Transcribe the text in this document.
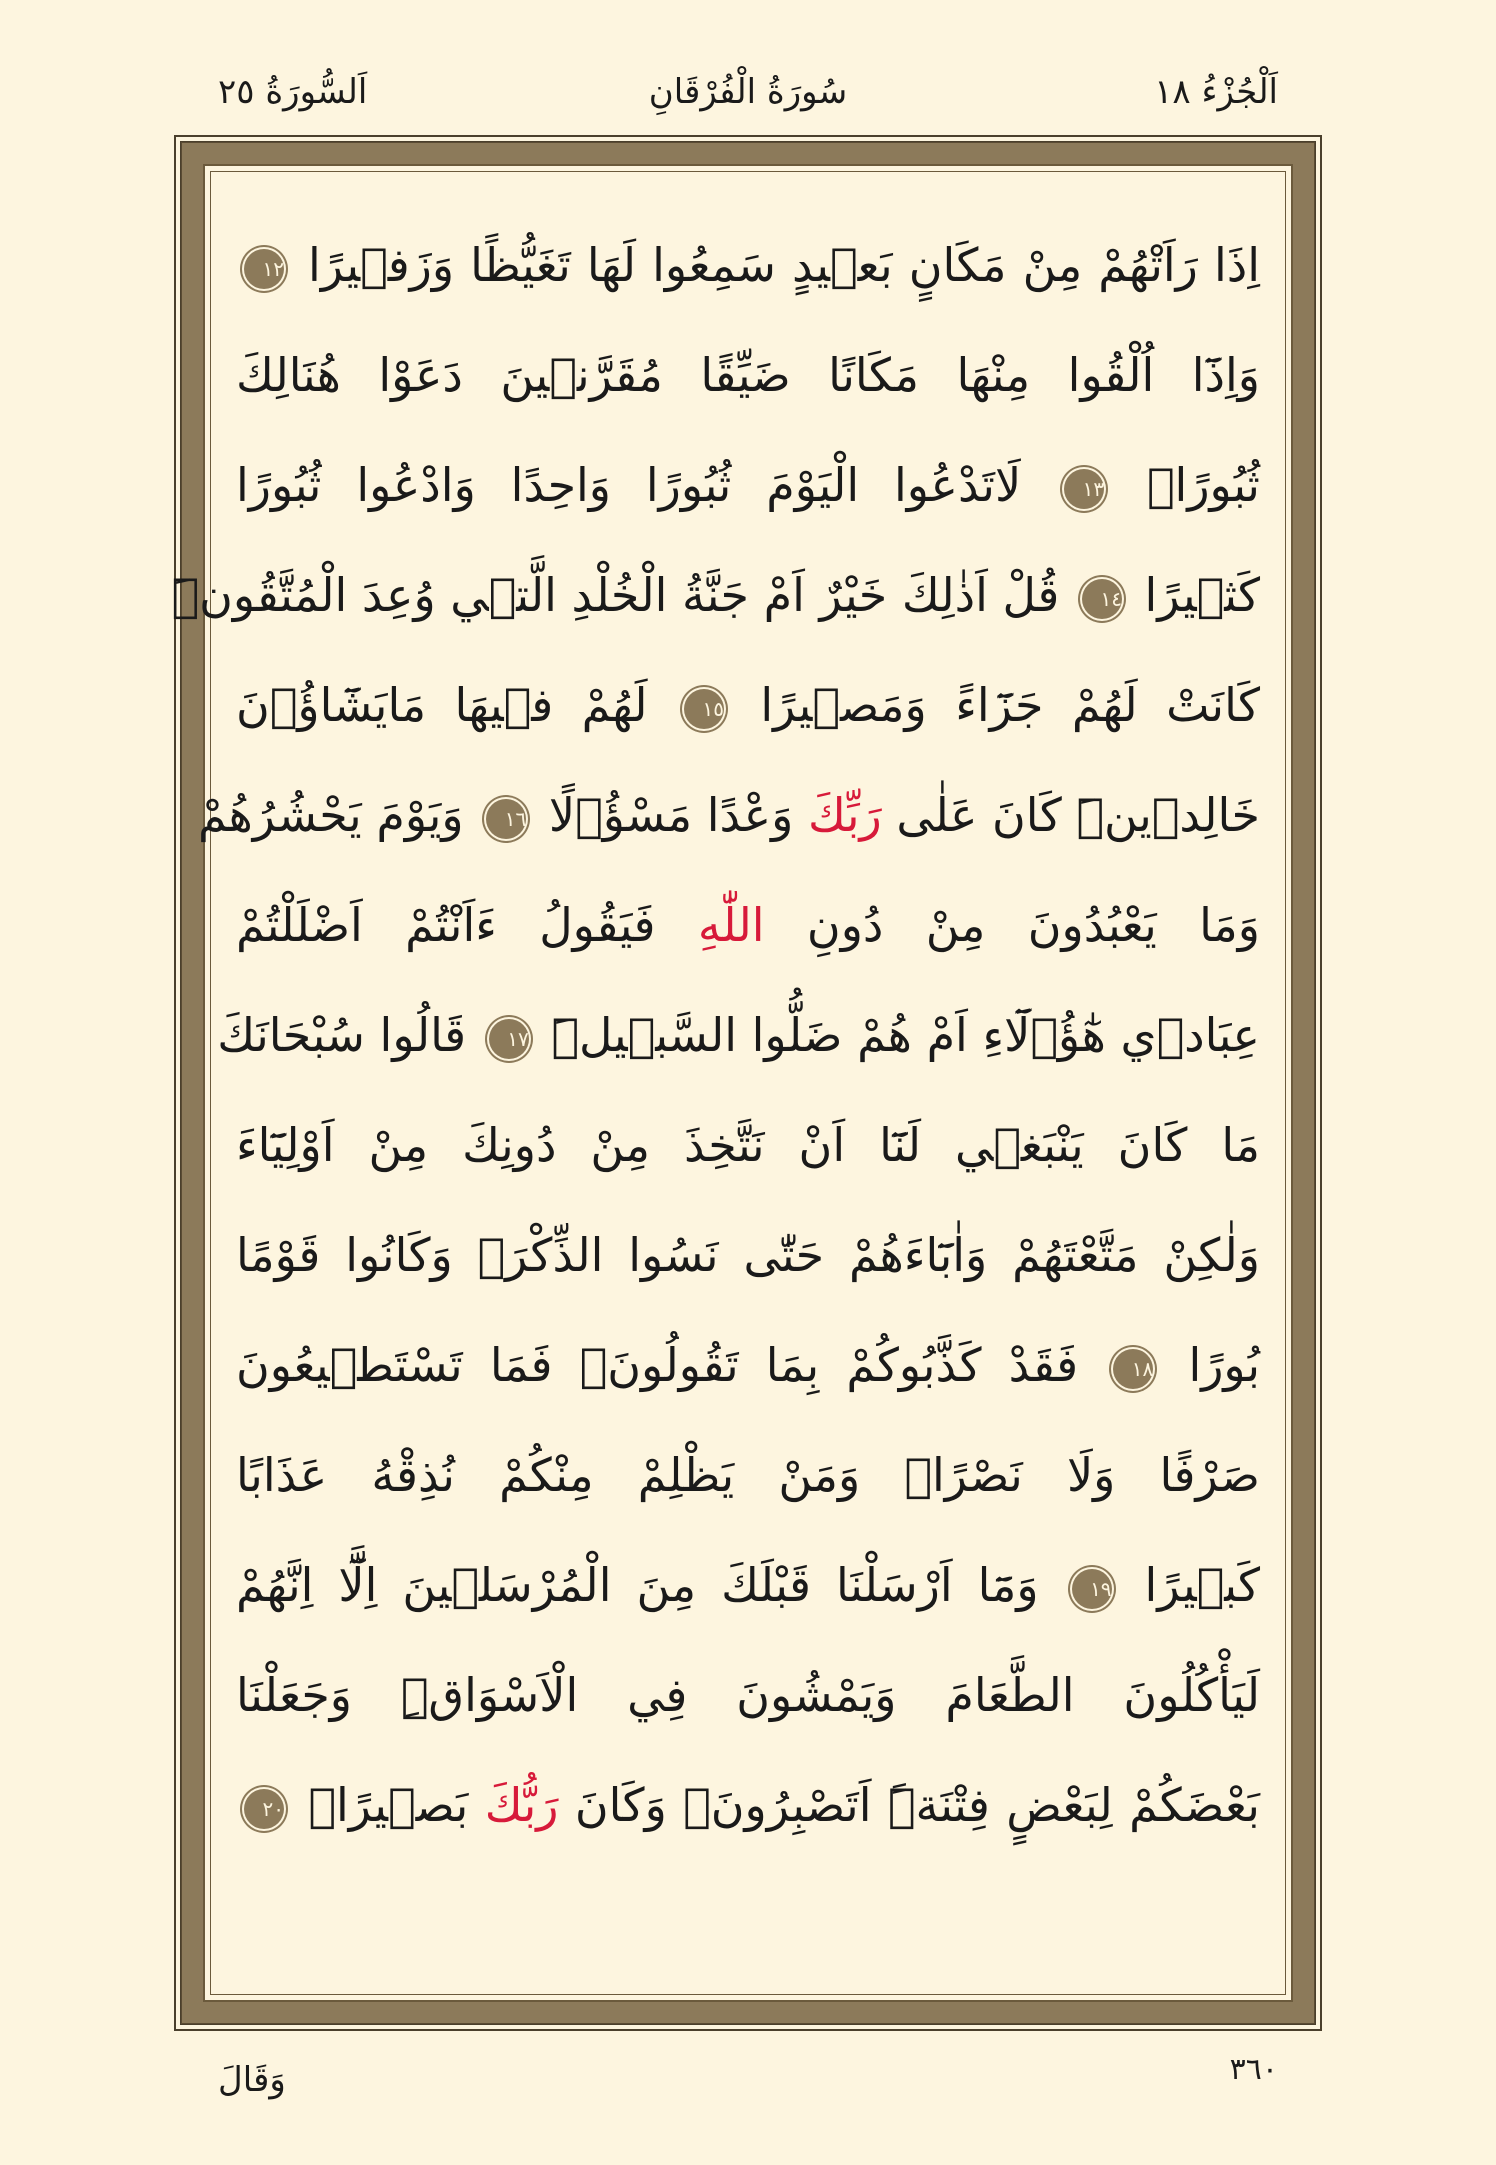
اَلْجُزْءُ ١٨
سُورَةُ الْفُرْقَانِ
اَلسُّورَةُ ٢٥
اِذَا رَاَتْهُمْ مِنْ مَكَانٍ بَع۪يدٍ سَمِعُوا لَهَا تَغَيُّظًا وَزَف۪يرًا ١٢
وَاِذَٓا اُلْقُوا مِنْهَا مَكَانًا ضَيِّقًا مُقَرَّن۪ينَ دَعَوْا هُنَالِكَ
ثُبُورًاۜ ١٣ لَاتَدْعُوا الْيَوْمَ ثُبُورًا وَاحِدًا وَادْعُوا ثُبُورًا
كَث۪يرًا ١٤ قُلْ اَذٰلِكَ خَيْرٌ اَمْ جَنَّةُ الْخُلْدِ الَّت۪ي وُعِدَ الْمُتَّقُونَۜ
كَانَتْ لَهُمْ جَزَٓاءً وَمَص۪يرًا ١٥ لَهُمْ ف۪يهَا مَايَشَٓاؤُ۫نَ
خَالِد۪ينَۜ كَانَ عَلٰى رَبِّكَ وَعْدًا مَسْؤُ۫لًا ١٦ وَيَوْمَ يَحْشُرُهُمْ
وَمَا يَعْبُدُونَ مِنْ دُونِ اللّٰهِ فَيَقُولُ ءَاَنْتُمْ اَضْلَلْتُمْ
عِبَاد۪ي هٰٓؤُ۬لَٓاءِ اَمْ هُمْ ضَلُّوا السَّب۪يلَۜ ١٧ قَالُوا سُبْحَانَكَ
مَا كَانَ يَنْبَغ۪ي لَنَٓا اَنْ نَتَّخِذَ مِنْ دُونِكَ مِنْ اَوْلِيَٓاءَ
وَلٰكِنْ مَتَّعْتَهُمْ وَاٰبَٓاءَهُمْ حَتّٰى نَسُوا الذِّكْرَۚ وَكَانُوا قَوْمًا
بُورًا ١٨ فَقَدْ كَذَّبُوكُمْ بِمَا تَقُولُونَۙ فَمَا تَسْتَط۪يعُونَ
صَرْفًا وَلَا نَصْرًاۚ وَمَنْ يَظْلِمْ مِنْكُمْ نُذِقْهُ عَذَابًا
كَب۪يرًا ١٩ وَمَٓا اَرْسَلْنَا قَبْلَكَ مِنَ الْمُرْسَل۪ينَ اِلَّٓا اِنَّهُمْ
لَيَأْكُلُونَ الطَّعَامَ وَيَمْشُونَ فِي الْاَسْوَاقِۜ وَجَعَلْنَا
بَعْضَكُمْ لِبَعْضٍ فِتْنَةًۜ اَتَصْبِرُونَۚ وَكَانَ رَبُّكَ بَص۪يرًا۟ ٢٠
٣٦٠
وَقَالَ
